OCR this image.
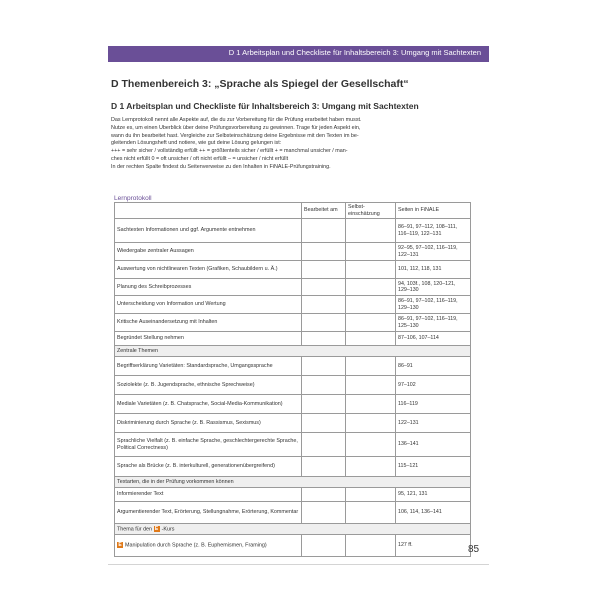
D 1 Arbeitsplan und Checkliste für Inhaltsbereich 3: Umgang mit Sachtexten
D Themenbereich 3: „Sprache als Spiegel der Gesellschaft“
D 1 Arbeitsplan und Checkliste für Inhaltsbereich 3: Umgang mit Sachtexten
Das Lernprotokoll nennt alle Aspekte auf, die du zur Vorbereitung für die Prüfung erarbeitet haben musst.
Nutze es, um einen Überblick über deine Prüfungsvorbereitung zu gewinnen. Trage für jeden Aspekt ein,
wann du ihn bearbeitet hast. Vergleiche zur Selbsteinschätzung deine Ergebnisse mit den Texten im be-
gleitenden Lösungsheft und notiere, wie gut deine Lösung gelungen ist:
+++ = sehr sicher / vollständig erfüllt ++ = größtenteils sicher / erfüllt + = manchmal unsicher / man-
ches nicht erfüllt 0 = oft unsicher / oft nicht erfüllt – = unsicher / nicht erfüllt
In der rechten Spalte findest du Seitenverweise zu den Inhalten in FiNALE-Prüfungstraining.
Lernprotokoll
	Bearbeitet am	Selbst-einschätzung	Seiten in FiNALE
Sachtexten Informationen und ggf. Argumente entnehmen			86–91, 97–112, 108–111, 116–119, 122–131
Wiedergabe zentraler Aussagen			92–95, 97–102, 116–119, 122–131
Auswertung von nichtlinearen Texten (Grafiken, Schaubildern u. Ä.)			101, 112, 118, 131
Planung des Schreibprozesses			94, 103f., 108, 120–121, 129–130
Unterscheidung von Information und Wertung			86–91, 97–102, 116–119, 129–130
Kritische Auseinandersetzung mit Inhalten			86–91, 97–102, 116–119, 125–130
Begründet Stellung nehmen			87–106, 107–114
Zentrale Themen			
Begriffserklärung Varietäten: Standardsprache, Umgangssprache			86–91
Soziolekte (z. B. Jugendsprache, ethnische Sprechweise)			97–102
Mediale Varietäten (z. B. Chatsprache, Social-Media-Kommunikation)			116–119
Diskriminierung durch Sprache (z. B. Rassismus, Sexismus)			122–131
Sprachliche Vielfalt (z. B. einfache Sprache, geschlechtergerechte Sprache, Political Correctness)			136–141
Sprache als Brücke (z. B. interkulturell, generationenübergreifend)			115–121
Textarten, die in der Prüfung vorkommen können			
Informierender Text			95, 121, 131
Argumentierender Text, Erörterung, Stellungnahme, Erörterung, Kommentar			106, 114, 136–141
Thema für den E -Kurs			
E Manipulation durch Sprache (z. B. Euphemismen, Framing)			127 ff.	85
